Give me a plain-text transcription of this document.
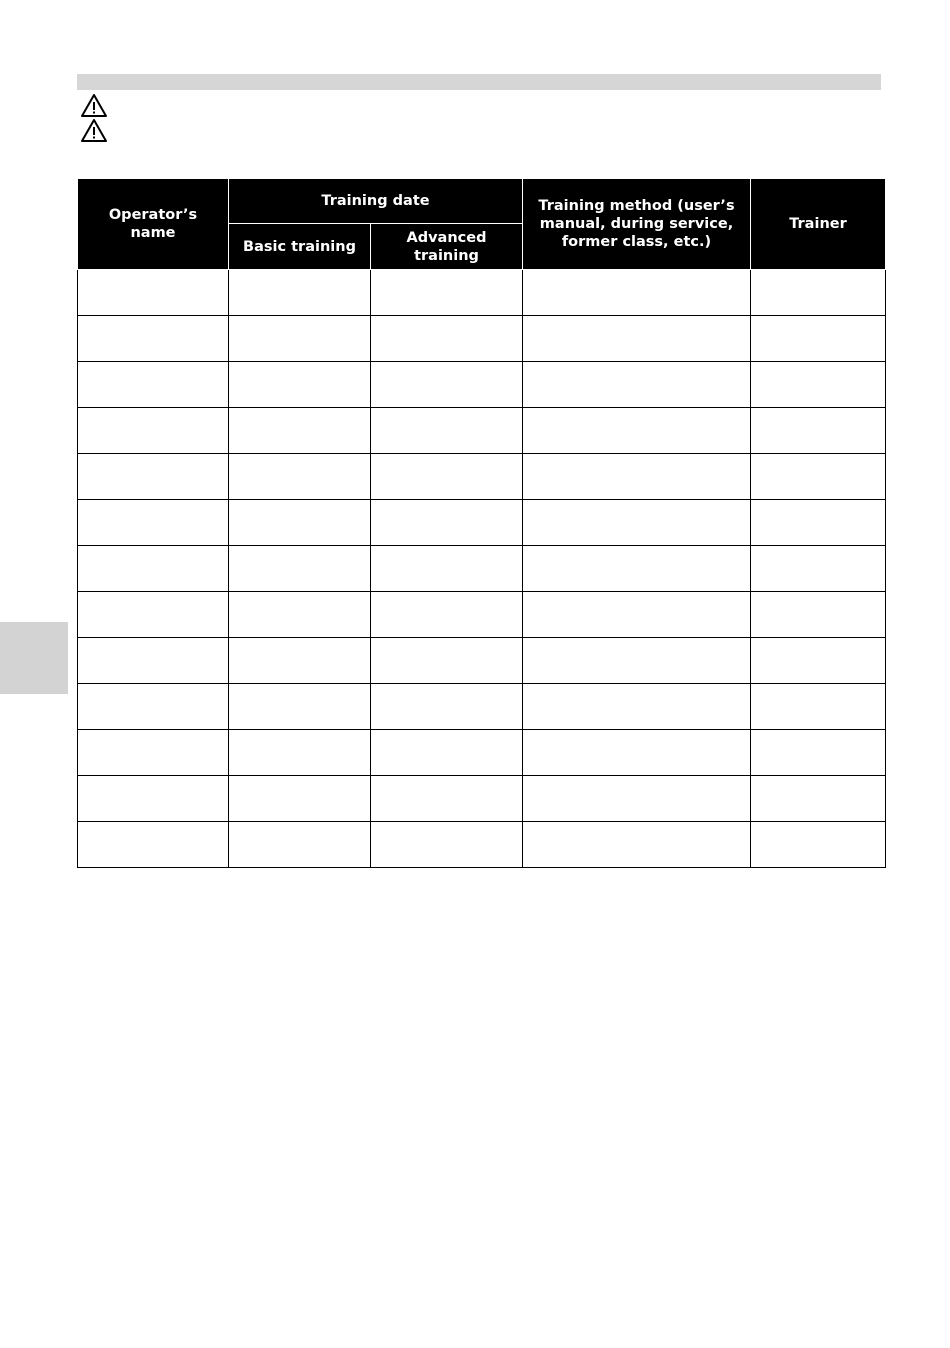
Operator’s name	Training date		Training method (user’s manual, during service, former class, etc.)	Trainer
	Basic training	Advanced training		
